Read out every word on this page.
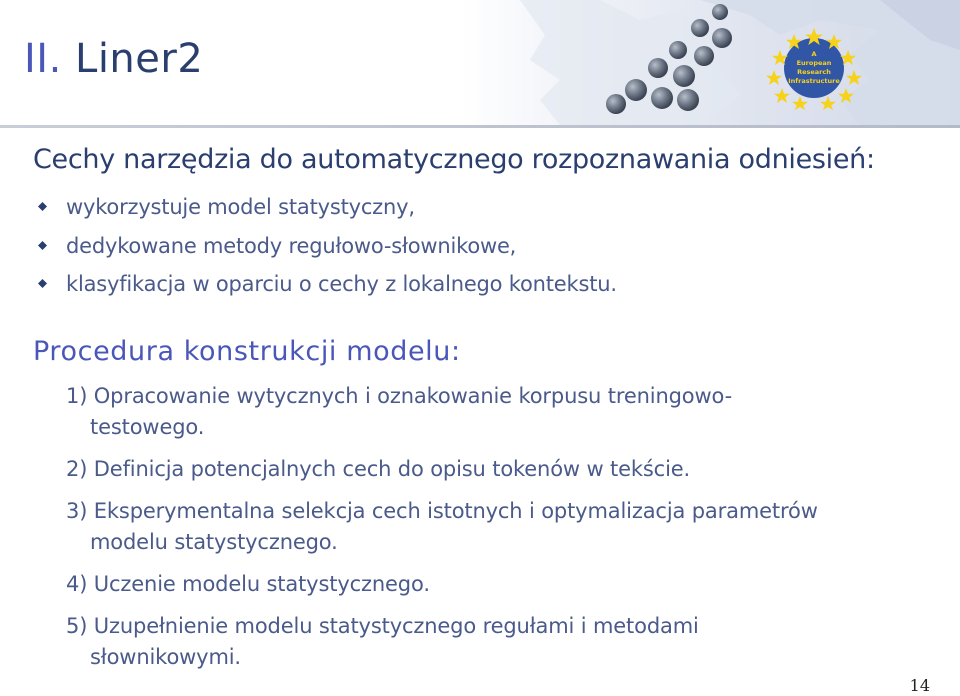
II. Liner2	A
European
Research
Infrastructure
Cechy narzędzia do automatycznego rozpoznawania odniesień:
wykorzystuje model statystyczny,
dedykowane metody regułowo-słownikowe,
klasyfikacja w oparciu o cechy z lokalnego kontekstu.
Procedura konstrukcji modelu:
1) Opracowanie wytycznych i oznakowanie korpusu treningowo-
testowego.
2) Definicja potencjalnych cech do opisu tokenów w tekście.
3) Eksperymentalna selekcja cech istotnych i optymalizacja parametrów
modelu statystycznego.
4) Uczenie modelu statystycznego.
5) Uzupełnienie modelu statystycznego regułami i metodami
słownikowymi.
14
